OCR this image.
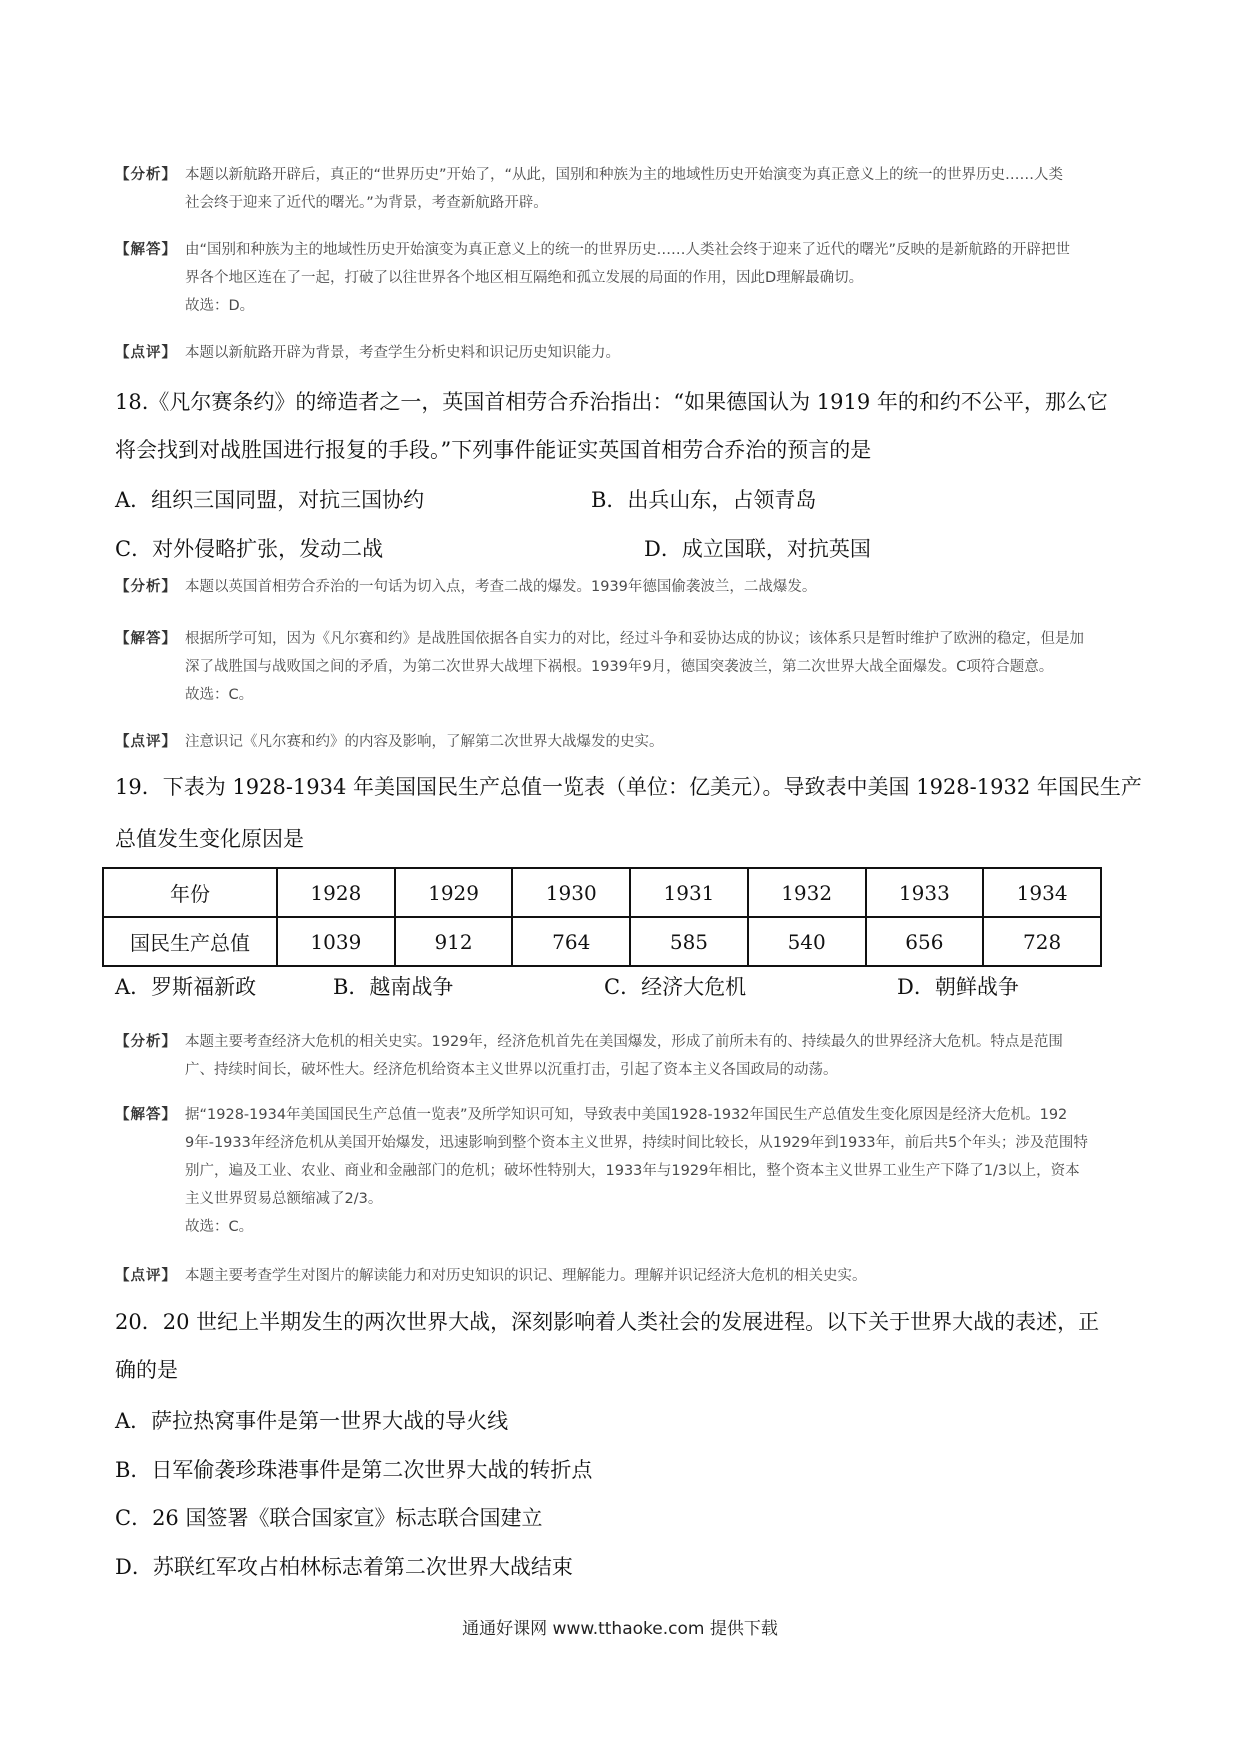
【分析】 本题以新航路开辟后，真正的“世界历史”开始了，“从此，国别和种族为主的地域性历史开始演变为真正意义上的统一的世界历史……人类
社会终于迎来了近代的曙光。”为背景，考查新航路开辟。
【解答】 由“国别和种族为主的地域性历史开始演变为真正意义上的统一的世界历史……人类社会终于迎来了近代的曙光”反映的是新航路的开辟把世
界各个地区连在了一起，打破了以往世界各个地区相互隔绝和孤立发展的局面的作用，因此D理解最确切。
故选：D。
【点评】 本题以新航路开辟为背景，考查学生分析史料和识记历史知识能力。
18.《凡尔赛条约》的缔造者之一，英国首相劳合乔治指出：“如果德国认为 1919 年的和约不公平，那么它
将会找到对战胜国进行报复的手段。”下列事件能证实英国首相劳合乔治的预言的是
A．组织三国同盟，对抗三国协约	B．出兵山东，占领青岛
C．对外侵略扩张，发动二战	D．成立国联，对抗英国
【分析】 本题以英国首相劳合乔治的一句话为切入点，考查二战的爆发。1939年德国偷袭波兰，二战爆发。
【解答】 根据所学可知，因为《凡尔赛和约》是战胜国依据各自实力的对比，经过斗争和妥协达成的协议；该体系只是暂时维护了欧洲的稳定，但是加
深了战胜国与战败国之间的矛盾，为第二次世界大战埋下祸根。1939年9月，德国突袭波兰，第二次世界大战全面爆发。C项符合题意。
故选：C。
【点评】 注意识记《凡尔赛和约》的内容及影响，了解第二次世界大战爆发的史实。
19．下表为 1928-1934 年美国国民生产总值一览表（单位：亿美元）。导致表中美国 1928-1932 年国民生产
总值发生变化原因是
年份	1928	1929	1930	1931	1932	1933	1934
国民生产总值	1039	912	764	585	540	656	728
A．罗斯福新政	B．越南战争	C．经济大危机	D．朝鲜战争
【分析】 本题主要考查经济大危机的相关史实。1929年，经济危机首先在美国爆发，形成了前所未有的、持续最久的世界经济大危机。特点是范围
广、持续时间长，破坏性大。经济危机给资本主义世界以沉重打击，引起了资本主义各国政局的动荡。
【解答】 据“1928-1934年美国国民生产总值一览表”及所学知识可知，导致表中美国1928-1932年国民生产总值发生变化原因是经济大危机。192
9年-1933年经济危机从美国开始爆发，迅速影响到整个资本主义世界，持续时间比较长，从1929年到1933年，前后共5个年头；涉及范围特
别广，遍及工业、农业、商业和金融部门的危机；破坏性特别大，1933年与1929年相比，整个资本主义世界工业生产下降了1/3以上，资本
主义世界贸易总额缩减了2/3。
故选：C。
【点评】 本题主要考查学生对图片的解读能力和对历史知识的识记、理解能力。理解并识记经济大危机的相关史实。
20．20 世纪上半期发生的两次世界大战，深刻影响着人类社会的发展进程。以下关于世界大战的表述，正
确的是
A．萨拉热窝事件是第一世界大战的导火线
B．日军偷袭珍珠港事件是第二次世界大战的转折点
C．26 国签署《联合国家宣》标志联合国建立
D．苏联红军攻占柏林标志着第二次世界大战结束
通通好课网 www.tthaoke.com 提供下载
